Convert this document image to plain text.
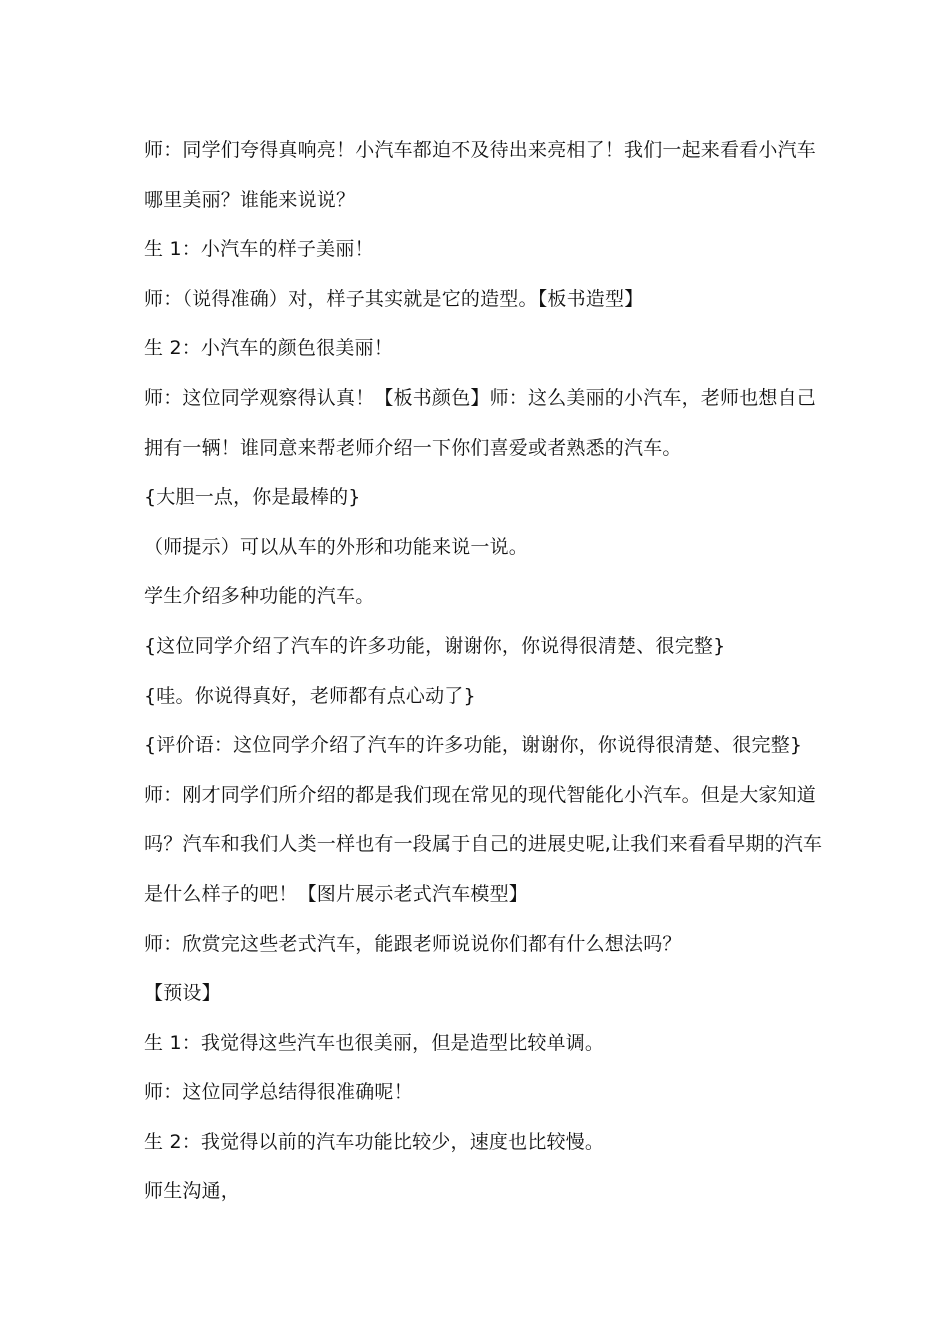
师：同学们夸得真响亮！小汽车都迫不及待出来亮相了！我们一起来看看小汽车哪里美丽？谁能来说说？

生 1：小汽车的样子美丽！

师：（说得准确）对，样子其实就是它的造型。【板书造型】

生 2：小汽车的颜色很美丽！

师：这位同学观察得认真！【板书颜色】师：这么美丽的小汽车，老师也想自己拥有一辆！谁同意来帮老师介绍一下你们喜爱或者熟悉的汽车。

{大胆一点，你是最棒的}

（师提示）可以从车的外形和功能来说一说。

学生介绍多种功能的汽车。

{这位同学介绍了汽车的许多功能，谢谢你，你说得很清楚、很完整}

{哇。你说得真好，老师都有点心动了}

{评价语：这位同学介绍了汽车的许多功能，谢谢你，你说得很清楚、很完整}

师：刚才同学们所介绍的都是我们现在常见的现代智能化小汽车。但是大家知道吗？汽车和我们人类一样也有一段属于自己的进展史呢,让我们来看看早期的汽车是什么样子的吧！【图片展示老式汽车模型】

师：欣赏完这些老式汽车，能跟老师说说你们都有什么想法吗？

【预设】

生 1：我觉得这些汽车也很美丽，但是造型比较单调。

师：这位同学总结得很准确呢！

生 2：我觉得以前的汽车功能比较少，速度也比较慢。

师生沟通，
